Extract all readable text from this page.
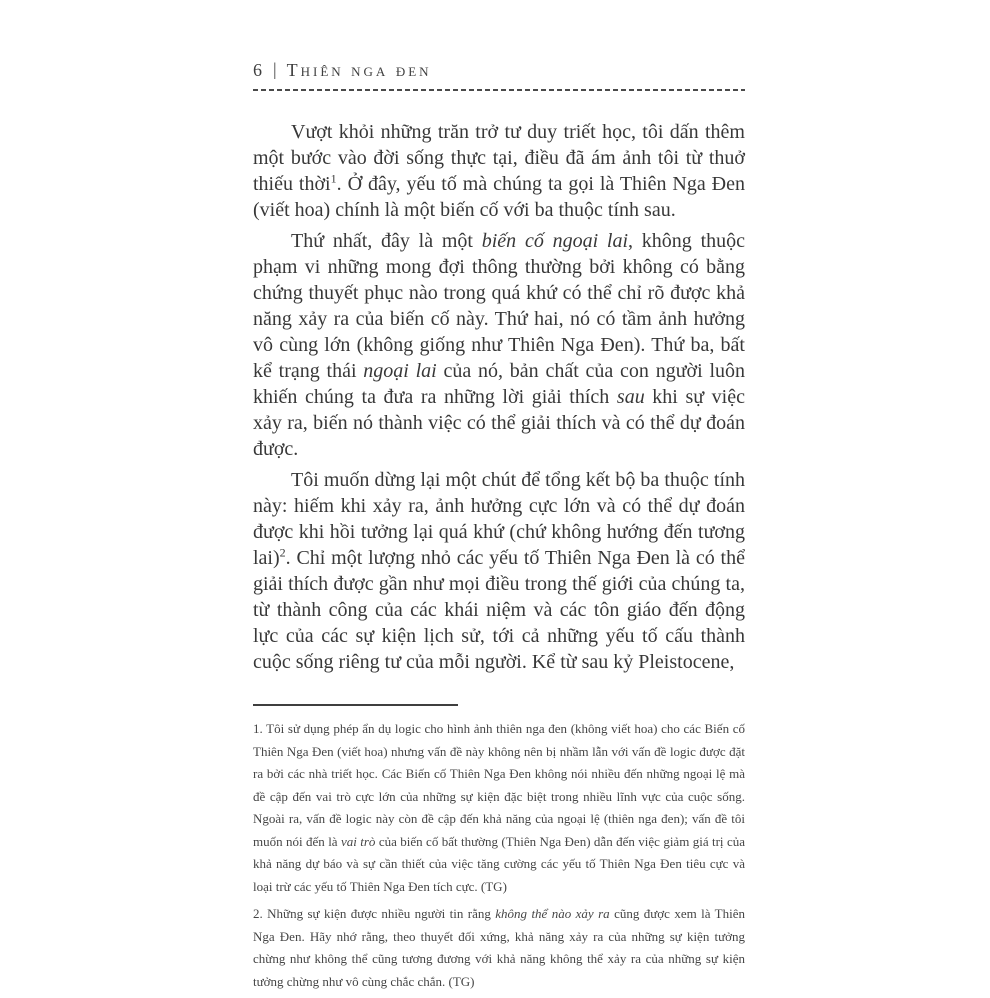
6 | Thiên nga đen

Vượt khỏi những trăn trở tư duy triết học, tôi dấn thêm một bước vào đời sống thực tại, điều đã ám ảnh tôi từ thuở thiếu thời$^1$. Ở đây, yếu tố mà chúng ta gọi là Thiên Nga Đen (viết hoa) chính là một biến cố với ba thuộc tính sau.

Thứ nhất, đây là một biến cố ngoại lai, không thuộc phạm vi những mong đợi thông thường bởi không có bằng chứng thuyết phục nào trong quá khứ có thể chỉ rõ được khả năng xảy ra của biến cố này. Thứ hai, nó có tầm ảnh hưởng vô cùng lớn (không giống như Thiên Nga Đen). Thứ ba, bất kể trạng thái ngoại lai của nó, bản chất của con người luôn khiến chúng ta đưa ra những lời giải thích sau khi sự việc xảy ra, biến nó thành việc có thể giải thích và có thể dự đoán được.

Tôi muốn dừng lại một chút để tổng kết bộ ba thuộc tính này: hiếm khi xảy ra, ảnh hưởng cực lớn và có thể dự đoán được khi hồi tưởng lại quá khứ (chứ không hướng đến tương lai)$^2$. Chỉ một lượng nhỏ các yếu tố Thiên Nga Đen là có thể giải thích được gần như mọi điều trong thế giới của chúng ta, từ thành công của các khái niệm và các tôn giáo đến động lực của các sự kiện lịch sử, tới cả những yếu tố cấu thành cuộc sống riêng tư của mỗi người. Kể từ sau kỷ Pleistocene,

1. Tôi sử dụng phép ẩn dụ logic cho hình ảnh thiên nga đen (không viết hoa) cho các Biến cố Thiên Nga Đen (viết hoa) nhưng vấn đề này không nên bị nhầm lẫn với vấn đề logic được đặt ra bởi các nhà triết học. Các Biến cố Thiên Nga Đen không nói nhiều đến những ngoại lệ mà đề cập đến vai trò cực lớn của những sự kiện đặc biệt trong nhiều lĩnh vực của cuộc sống. Ngoài ra, vấn đề logic này còn đề cập đến khả năng của ngoại lệ (thiên nga đen); vấn đề tôi muốn nói đến là vai trò của biến cố bất thường (Thiên Nga Đen) dẫn đến việc giảm giá trị của khả năng dự báo và sự cần thiết của việc tăng cường các yếu tố Thiên Nga Đen tiêu cực và loại trừ các yếu tố Thiên Nga Đen tích cực. (TG)

2. Những sự kiện được nhiều người tin rằng không thể nào xảy ra cũng được xem là Thiên Nga Đen. Hãy nhớ rằng, theo thuyết đối xứng, khả năng xảy ra của những sự kiện tưởng chừng như không thể cũng tương đương với khả năng không thể xảy ra của những sự kiện tưởng chừng như vô cùng chắc chắn. (TG)
